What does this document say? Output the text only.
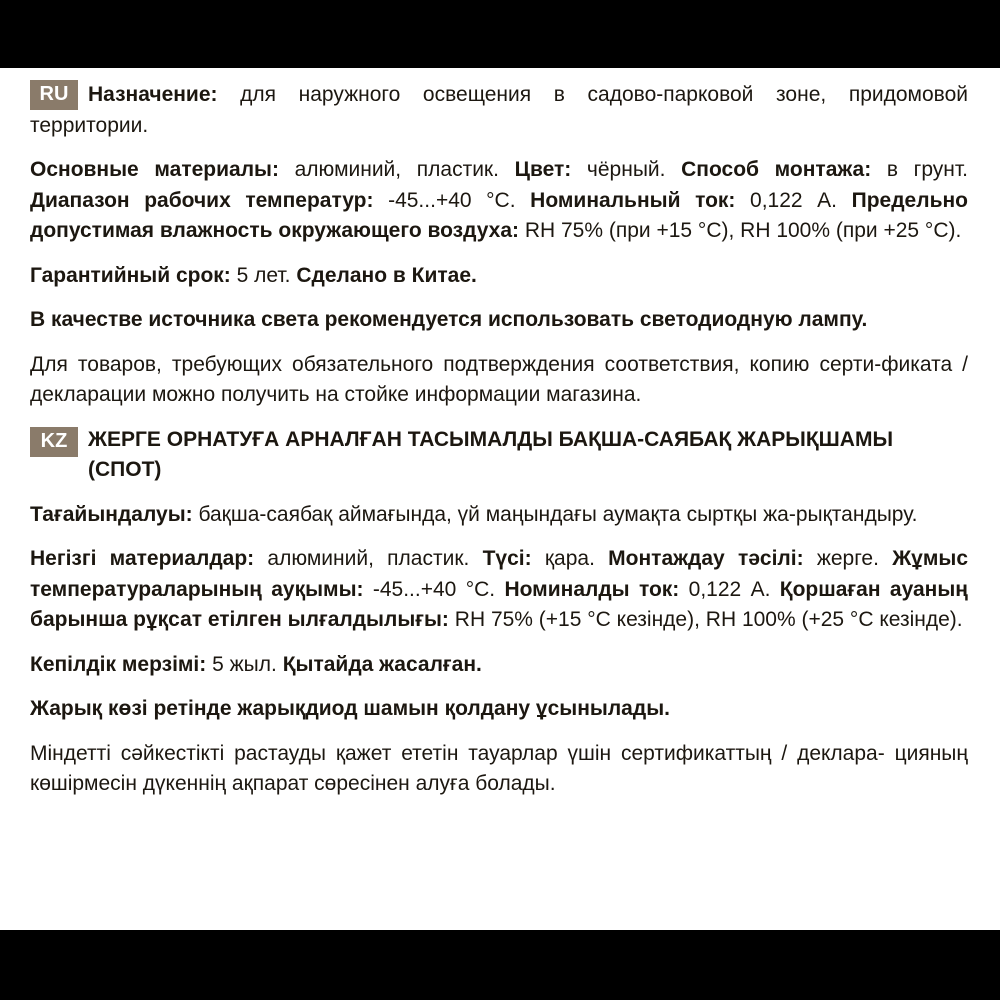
RU Назначение: для наружного освещения в садово-парковой зоне, придомовой территории.

Основные материалы: алюминий, пластик. Цвет: чёрный. Способ монтажа: в грунт. Диапазон рабочих температур: -45...+40 °C. Номинальный ток: 0,122 А. Предельно допустимая влажность окружающего воздуха: RH 75% (при +15 °C), RH 100% (при +25 °C).

Гарантийный срок: 5 лет. Сделано в Китае.

В качестве источника света рекомендуется использовать светодиодную лампу.

Для товаров, требующих обязательного подтверждения соответствия, копию серти-фиката / декларации можно получить на стойке информации магазина.

KZ ЖЕРГЕ ОРНАТУҒА АРНАЛҒАН ТАСЫМАЛДЫ БАҚША-САЯБАҚ ЖАРЫҚШАМЫ (СПОТ)

Тағайындалуы: бақша-саябақ аймағында, үй маңындағы аумақта сыртқы жа-рықтандыру.

Негізгі материалдар: алюминий, пластик. Түсі: қара. Монтаждау тәсілі: жерге. Жұмыс температураларының ауқымы: -45...+40 °C. Номиналды ток: 0,122 А. Қоршаған ауаның барынша рұқсат етілген ылғалдылығы: RH 75% (+15 °C кезінде), RH 100% (+25 °C кезінде).

Кепілдік мерзімі: 5 жыл. Қытайда жасалған.

Жарық көзі ретінде жарықдиод шамын қолдану ұсынылады.

Міндетті сәйкестікті растауды қажет ететін тауарлар үшін сертификаттың / деклара- цияның көшірмесін дүкеннің ақпарат сөресінен алуға болады.
